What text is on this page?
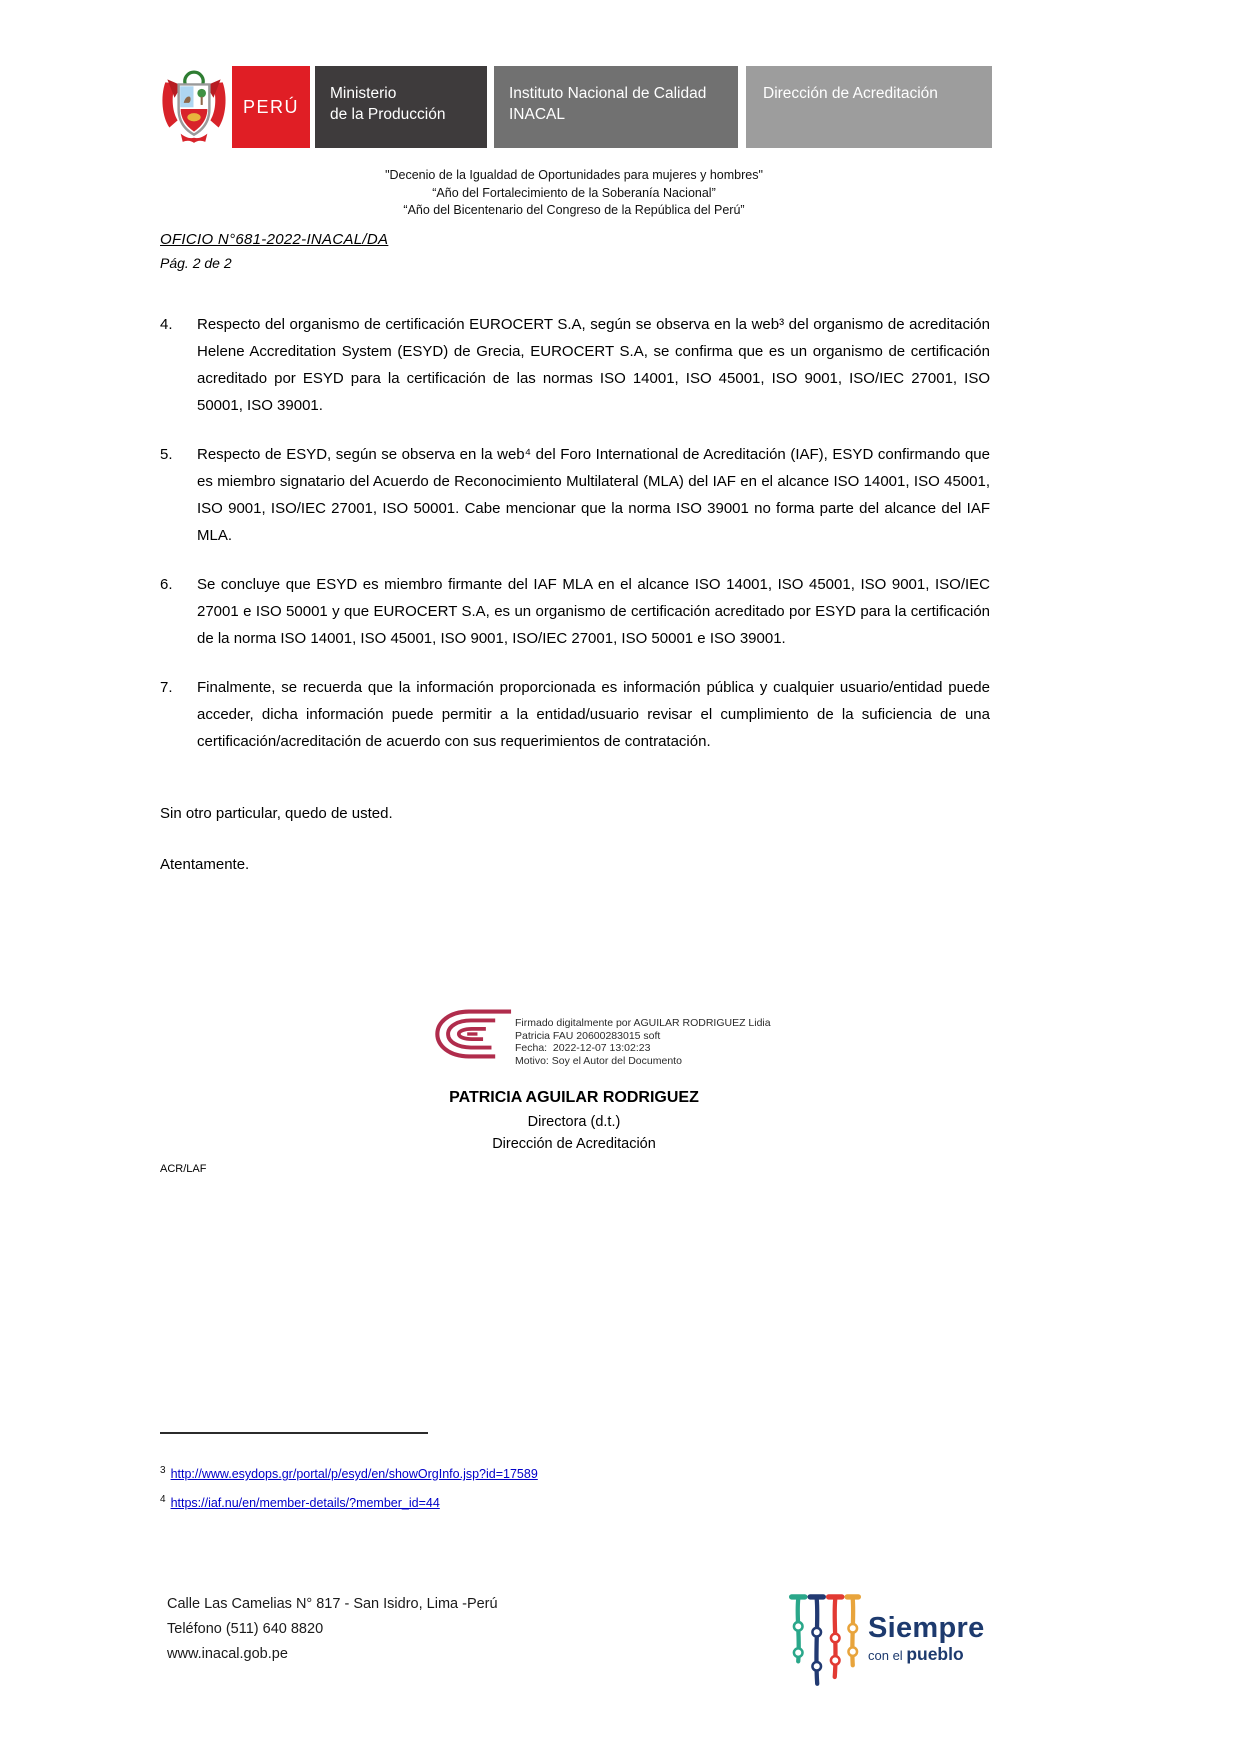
PERÚ
Ministerio
de la Producción
Instituto Nacional de Calidad
INACAL
Dirección de Acreditación
"Decenio de la Igualdad de Oportunidades para mujeres y hombres"
“Año del Fortalecimiento de la Soberanía Nacional”
“Año del Bicentenario del Congreso de la República del Perú”
OFICIO N°681-2022-INACAL/DA
Pág. 2 de 2
4.	Respecto del organismo de certificación EUROCERT S.A, según se observa en la web³ del organismo de acreditación Helene Accreditation System (ESYD) de Grecia, EUROCERT S.A, se confirma que es un organismo de certificación acreditado por ESYD para la certificación de las normas ISO 14001, ISO 45001, ISO 9001, ISO/IEC 27001, ISO 50001, ISO 39001.
5.	Respecto de ESYD, según se observa en la web⁴ del Foro International de Acreditación (IAF), ESYD confirmando que es miembro signatario del Acuerdo de Reconocimiento Multilateral (MLA) del IAF en el alcance ISO 14001, ISO 45001, ISO 9001, ISO/IEC 27001, ISO 50001. Cabe mencionar que la norma ISO 39001 no forma parte del alcance del IAF MLA.
6.	Se concluye que ESYD es miembro firmante del IAF MLA en el alcance ISO 14001, ISO 45001, ISO 9001, ISO/IEC 27001 e ISO 50001 y que EUROCERT S.A, es un organismo de certificación acreditado por ESYD para la certificación de la norma ISO 14001, ISO 45001, ISO 9001, ISO/IEC 27001, ISO 50001 e ISO 39001.
7.	Finalmente, se recuerda que la información proporcionada es información pública y cualquier usuario/entidad puede acceder, dicha información puede permitir a la entidad/usuario revisar el cumplimiento de la suficiencia de una certificación/acreditación de acuerdo con sus requerimientos de contratación.
Sin otro particular, quedo de usted.
Atentamente.
Firmado digitalmente por AGUILAR RODRIGUEZ Lidia
Patricia FAU 20600283015 soft
Fecha:  2022-12-07 13:02:23
Motivo: Soy el Autor del Documento
PATRICIA AGUILAR RODRIGUEZ
Directora (d.t.)
Dirección de Acreditación
ACR/LAF
$^3$ http://www.esydops.gr/portal/p/esyd/en/showOrgInfo.jsp?id=17589
$^4$ https://iaf.nu/en/member-details/?member_id=44
Calle Las Camelias N° 817 - San Isidro, Lima -Perú
Teléfono (511) 640 8820
www.inacal.gob.pe
Siempre
con el pueblo
